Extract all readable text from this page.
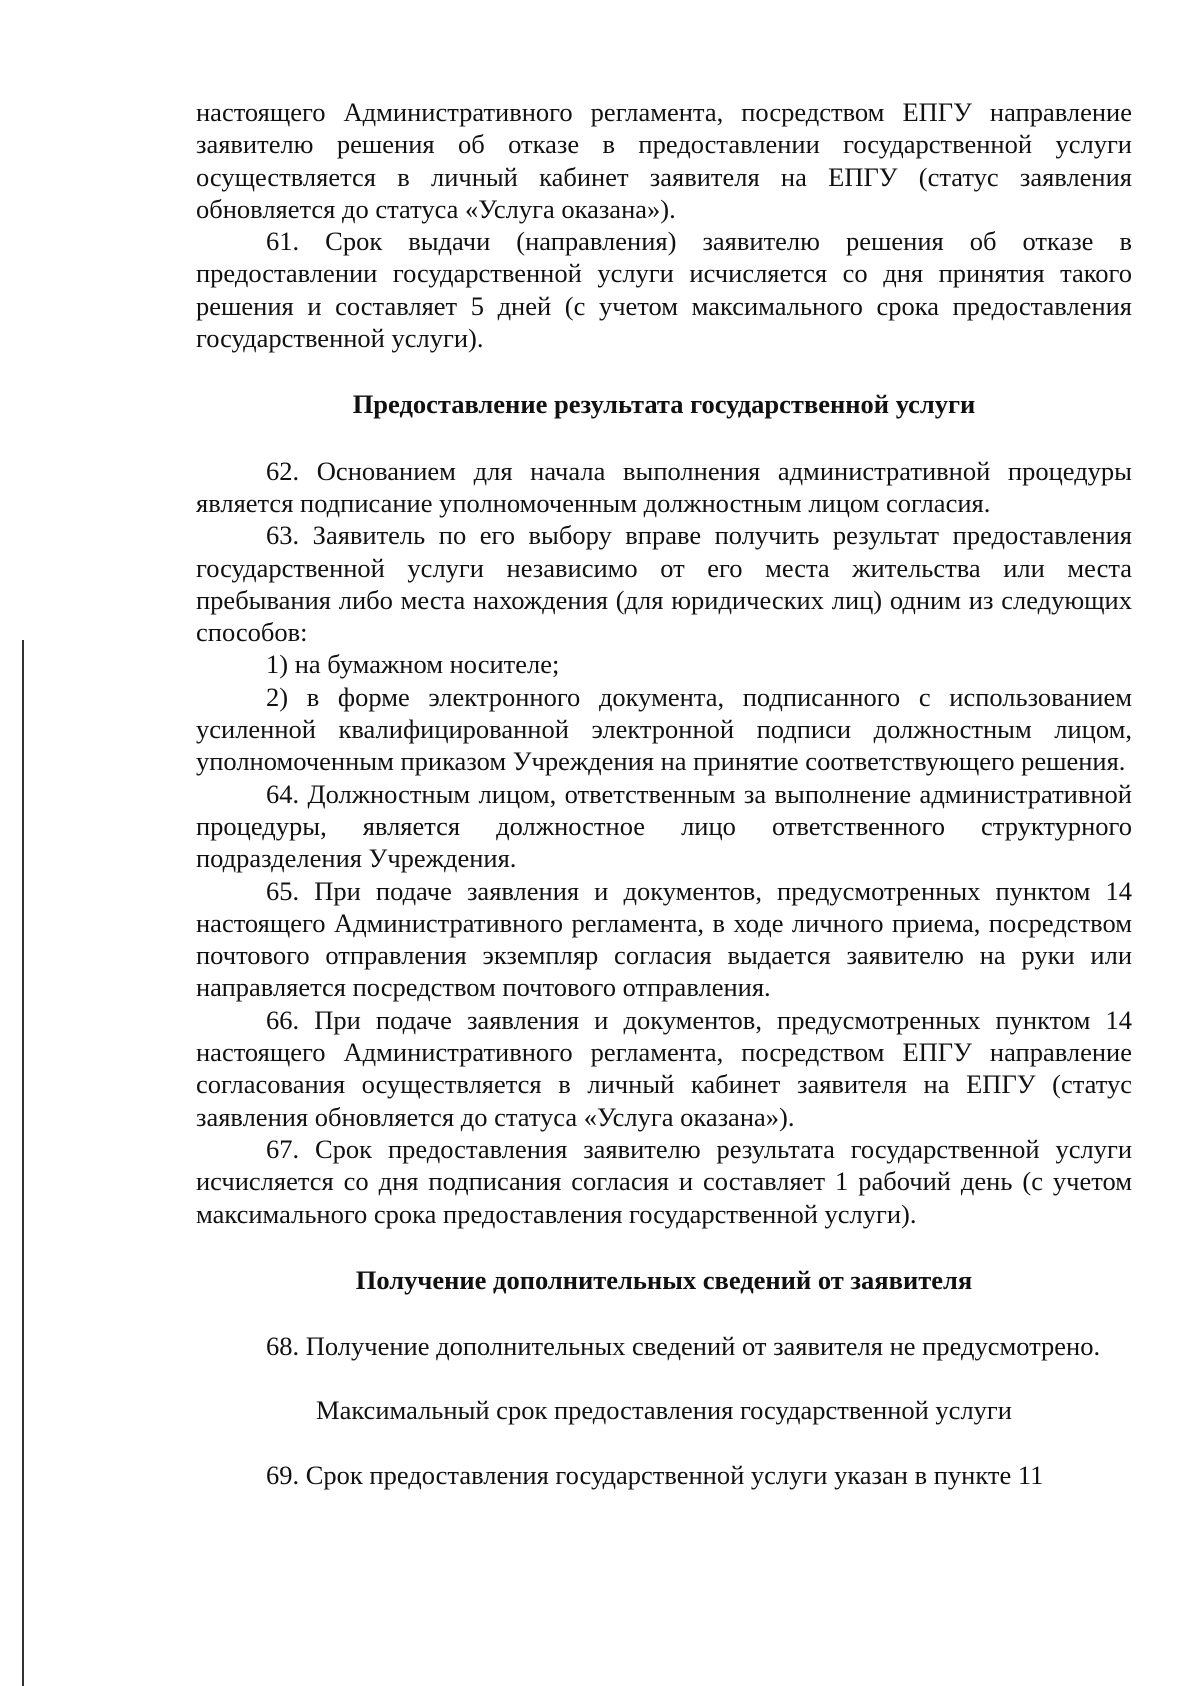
настоящего Административного регламента, посредством ЕПГУ направление заявителю решения об отказе в предоставлении государственной услуги осуществляется в личный кабинет заявителя на ЕПГУ (статус заявления обновляется до статуса «Услуга оказана»).

61. Срок выдачи (направления) заявителю решения об отказе в предоставлении государственной услуги исчисляется со дня принятия такого решения и составляет 5 дней (с учетом максимального срока предоставления государственной услуги).

Предоставление результата государственной услуги

62. Основанием для начала выполнения административной процедуры является подписание уполномоченным должностным лицом согласия.

63. Заявитель по его выбору вправе получить результат предоставления государственной услуги независимо от его места жительства или места пребывания либо места нахождения (для юридических лиц) одним из следующих способов:

1) на бумажном носителе;

2) в форме электронного документа, подписанного с использованием усиленной квалифицированной электронной подписи должностным лицом, уполномоченным приказом Учреждения на принятие соответствующего решения.

64. Должностным лицом, ответственным за выполнение административной процедуры, является должностное лицо ответственного структурного подразделения Учреждения.

65. При подаче заявления и документов, предусмотренных пунктом 14 настоящего Административного регламента, в ходе личного приема, посредством почтового отправления экземпляр согласия выдается заявителю на руки или направляется посредством почтового отправления.

66. При подаче заявления и документов, предусмотренных пунктом 14 настоящего Административного регламента, посредством ЕПГУ направление согласования осуществляется в личный кабинет заявителя на ЕПГУ (статус заявления обновляется до статуса «Услуга оказана»).

67. Срок предоставления заявителю результата государственной услуги исчисляется со дня подписания согласия и составляет 1 рабочий день (с учетом максимального срока предоставления государственной услуги).

Получение дополнительных сведений от заявителя

68. Получение дополнительных сведений от заявителя не предусмотрено.

Максимальный срок предоставления государственной услуги

69. Срок предоставления государственной услуги указан в пункте 11
